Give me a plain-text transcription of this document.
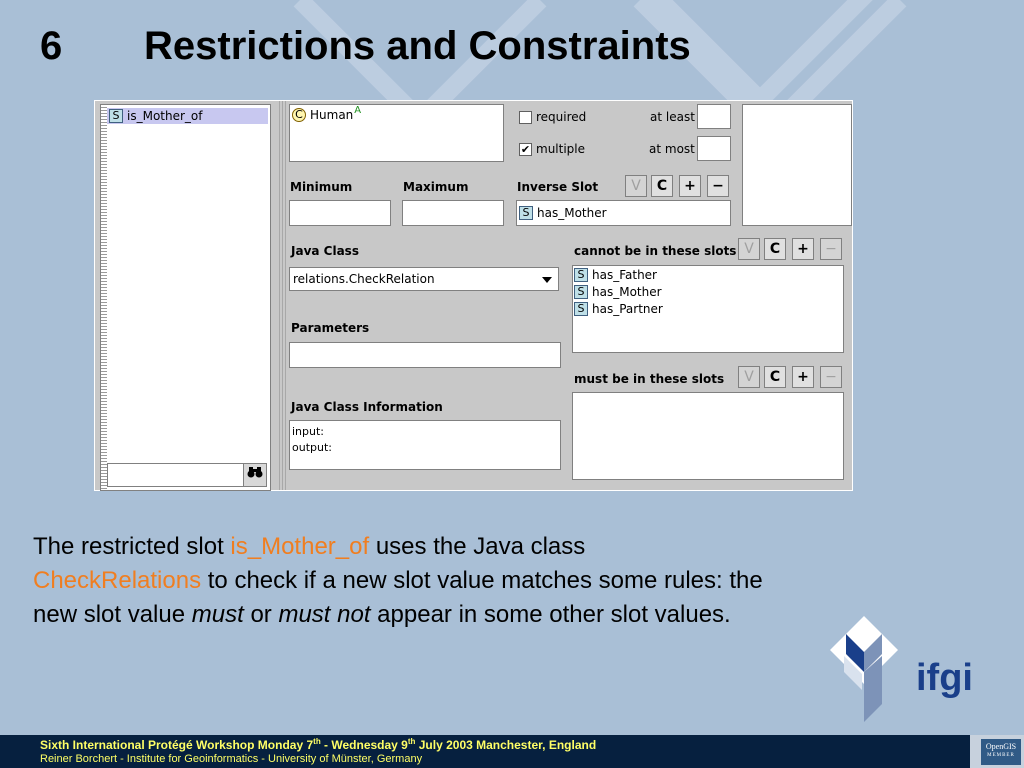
6 Restrictions and Constraints
S is_Mother_of	C Human A	required
✔ multiple
at least
at most
Minimum	Maximum	Inverse Slot	V	C	+	−
S has_Mother
Java Class
relations.CheckRelation
Parameters
Java Class Information
input:
output:
cannot be in these slots V	C	+	−
S has_Father
S has_Mother
S has_Partner
must be in these slots	V	C	+	−
The restricted slot is_Mother_of uses the Java class
CheckRelations to check if a new slot value matches some rules: the new slot value must or must not appear in some other slot values.
ifgi
Sixth International Protégé Workshop Monday 7th - Wednesday 9th July 2003 Manchester, England
Reiner Borchert - Institute for Geoinformatics - University of Münster, Germany
OpenGIS
MEMBER
